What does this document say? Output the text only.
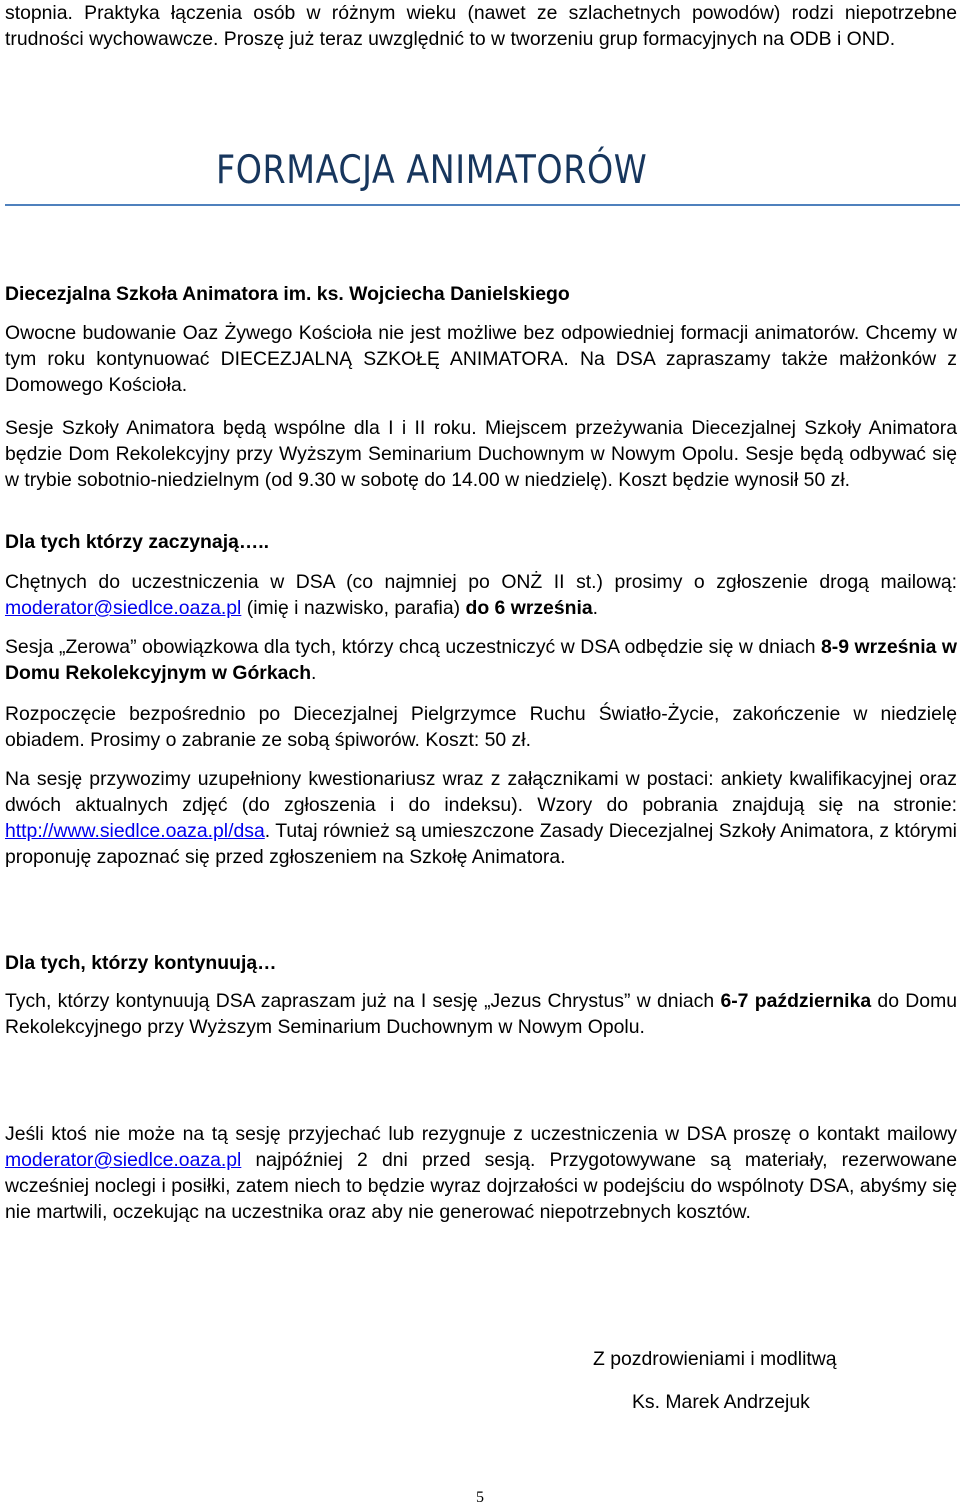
stopnia. Praktyka łączenia osób w różnym wieku (nawet ze szlachetnych powodów) rodzi niepotrzebne trudności wychowawcze. Proszę już teraz uwzględnić to w tworzeniu grup formacyjnych na ODB i OND.

FORMACJA ANIMATORÓW

Diecezjalna Szkoła Animatora im. ks. Wojciecha Danielskiego

Owocne budowanie Oaz Żywego Kościoła nie jest możliwe bez odpowiedniej formacji animatorów. Chcemy w tym roku kontynuować DIECEZJALNĄ SZKOŁĘ ANIMATORA. Na DSA zapraszamy także małżonków z Domowego Kościoła.

Sesje Szkoły Animatora będą wspólne dla I i II roku. Miejscem przeżywania Diecezjalnej Szkoły Animatora będzie Dom Rekolekcyjny przy Wyższym Seminarium Duchownym w Nowym Opolu. Sesje będą odbywać się w trybie sobotnio-niedzielnym (od 9.30 w sobotę do 14.00 w niedzielę). Koszt będzie wynosił 50 zł.

Dla tych którzy zaczynają…..

Chętnych do uczestniczenia w DSA (co najmniej po ONŻ II st.) prosimy o zgłoszenie drogą mailową: moderator@siedlce.oaza.pl (imię i nazwisko, parafia) do 6 września.

Sesja „Zerowa” obowiązkowa dla tych, którzy chcą uczestniczyć w DSA odbędzie się w dniach 8-9 września w Domu Rekolekcyjnym w Górkach.

Rozpoczęcie bezpośrednio po Diecezjalnej Pielgrzymce Ruchu Światło-Życie, zakończenie w niedzielę obiadem. Prosimy o zabranie ze sobą śpiworów. Koszt: 50 zł.

Na sesję przywozimy uzupełniony kwestionariusz wraz z załącznikami w postaci: ankiety kwalifikacyjnej oraz dwóch aktualnych zdjęć (do zgłoszenia i do indeksu). Wzory do pobrania znajdują się na stronie: http://www.siedlce.oaza.pl/dsa. Tutaj również są umieszczone Zasady Diecezjalnej Szkoły Animatora, z którymi proponuję zapoznać się przed zgłoszeniem na Szkołę Animatora.

Dla tych, którzy kontynuują…

Tych, którzy kontynuują DSA zapraszam już na I sesję „Jezus Chrystus” w dniach 6-7 października do Domu Rekolekcyjnego przy Wyższym Seminarium Duchownym w Nowym Opolu.

Jeśli ktoś nie może na tą sesję przyjechać lub rezygnuje z uczestniczenia w DSA proszę o kontakt mailowy moderator@siedlce.oaza.pl najpóźniej 2 dni przed sesją. Przygotowywane są materiały, rezerwowane wcześniej noclegi i posiłki, zatem niech to będzie wyraz dojrzałości w podejściu do wspólnoty DSA, abyśmy się nie martwili, oczekując na uczestnika oraz aby nie generować niepotrzebnych kosztów.

Z pozdrowieniami i modlitwą

Ks. Marek Andrzejuk

5
